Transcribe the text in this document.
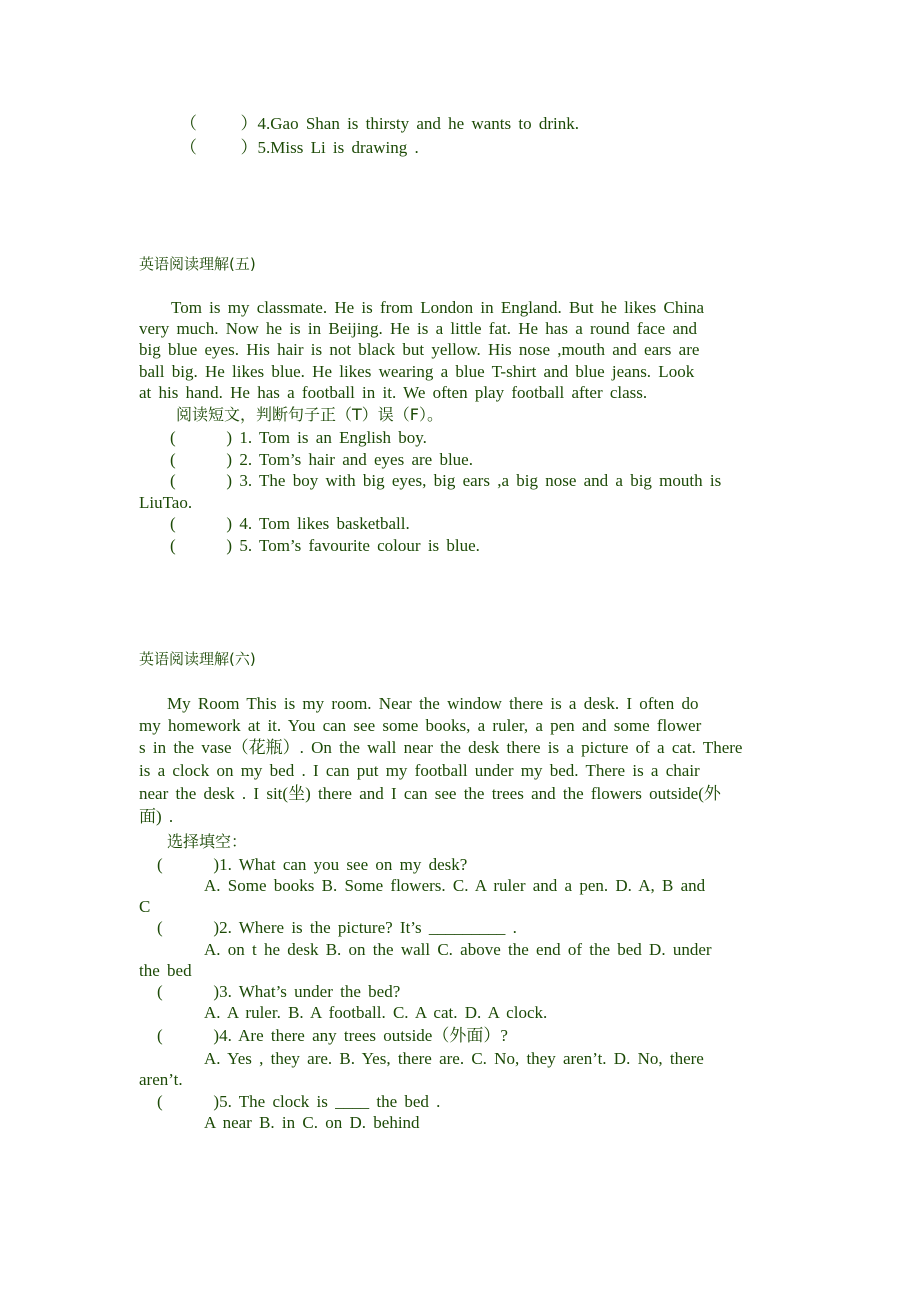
（      ）4.Gao Shan is thirsty and he wants to drink.
（      ）5.Miss Li is drawing .
英语阅读理解(五)
Tom is my classmate. He is from London in England. But he likes China
very much. Now he is in Beijing. He is a little fat. He has a round face and
big blue eyes. His hair is not black but yellow. His nose ,mouth and ears are
ball big. He likes blue. He likes wearing a blue T-shirt and blue jeans. Look
at his hand. He has a football in it. We often play football after class.
阅读短文，判断句子正（T）误（F）。
(       ) 1. Tom is an English boy.
(       ) 2. Tom’s hair and eyes are blue.
(       ) 3. The boy with big eyes, big ears ,a big nose and a big mouth is
LiuTao.
(       ) 4. Tom likes basketball.
(       ) 5. Tom’s favourite colour is blue.
英语阅读理解(六)
My Room This is my room. Near the window there is a desk. I often do
my homework at it. You can see some books, a ruler, a pen and some flower
s in the vase（花瓶）. On the wall near the desk there is a picture of a cat. There
is a clock on my bed . I can put my football under my bed. There is a chair
near the desk . I sit(坐) there and I can see the trees and the flowers outside(外
面) .
选择填空：
(       )1. What can you see on my desk?
A. Some books B. Some flowers. C. A ruler and a pen. D. A, B and
C
(       )2. Where is the picture? It’s _________ .
A. on t he desk B. on the wall C. above the end of the bed D. under
the bed
(       )3. What’s under the bed?
A. A ruler. B. A football. C. A cat. D. A clock.
(       )4. Are there any trees outside（外面）?
A. Yes , they are. B. Yes, there are. C. No, they aren’t. D. No, there
aren’t.
(       )5. The clock is ____ the bed .
A near B. in C. on D. behind
